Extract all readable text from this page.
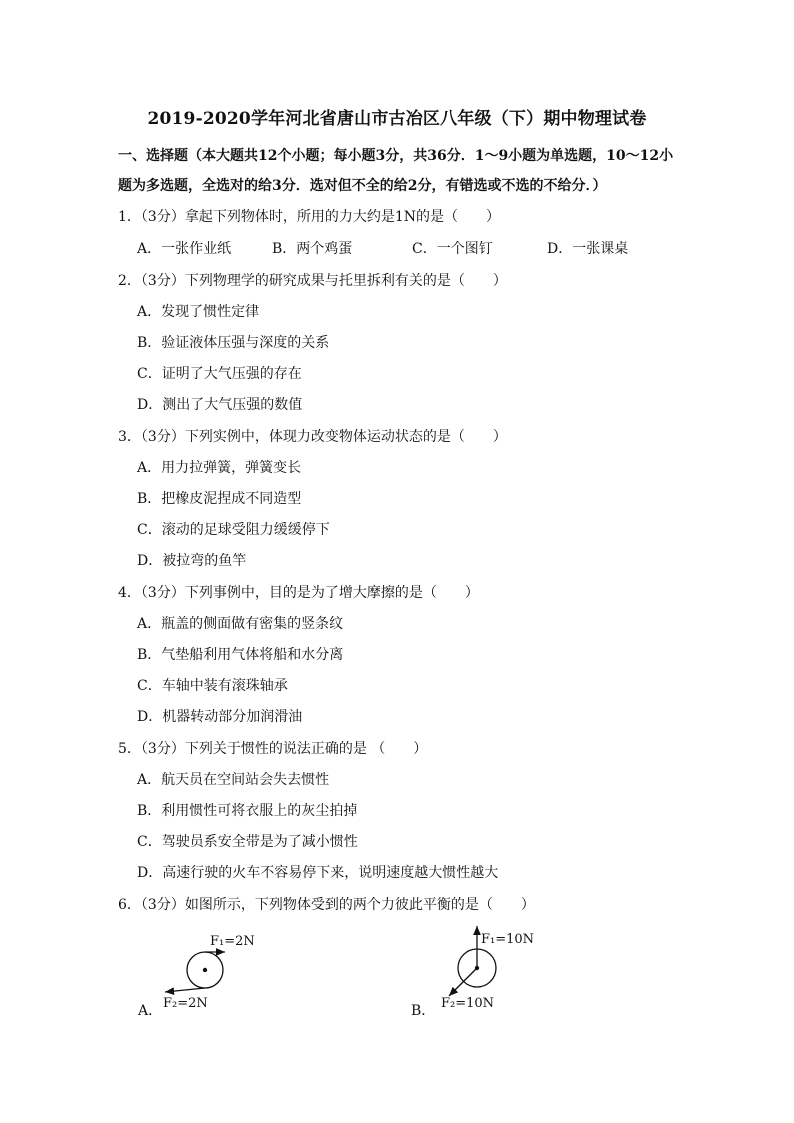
2019-2020学年河北省唐山市古冶区八年级（下）期中物理试卷
一、选择题（本大题共12个小题；每小题3分，共36分．1～9小题为单选题，10～12小
题为多选题，全选对的给3分．选对但不全的给2分，有错选或不选的不给分．）
1．（3分）拿起下列物体时，所用的力大约是1N的是（　　）
A．一张作业纸	B．两个鸡蛋	C．一个图钉	D．一张课桌
2．（3分）下列物理学的研究成果与托里拆利有关的是（　　）
A．发现了惯性定律
B．验证液体压强与深度的关系
C．证明了大气压强的存在
D．测出了大气压强的数值
3．（3分）下列实例中，体现力改变物体运动状态的是（　　）
A．用力拉弹簧，弹簧变长
B．把橡皮泥捏成不同造型
C．滚动的足球受阻力缓缓停下
D．被拉弯的鱼竿
4．（3分）下列事例中，目的是为了增大摩擦的是（　　）
A．瓶盖的侧面做有密集的竖条纹
B．气垫船利用气体将船和水分离
C．车轴中装有滚珠轴承
D．机器转动部分加润滑油
5．（3分）下列关于惯性的说法正确的是 （　　）
A．航天员在空间站会失去惯性
B．利用惯性可将衣服上的灰尘拍掉
C．驾驶员系安全带是为了减小惯性
D．高速行驶的火车不容易停下来，说明速度越大惯性越大
6．（3分）如图所示，下列物体受到的两个力彼此平衡的是（　　）
F₁=2N
F₂=2N
A．
F₁=10N
F₂=10N
B．
